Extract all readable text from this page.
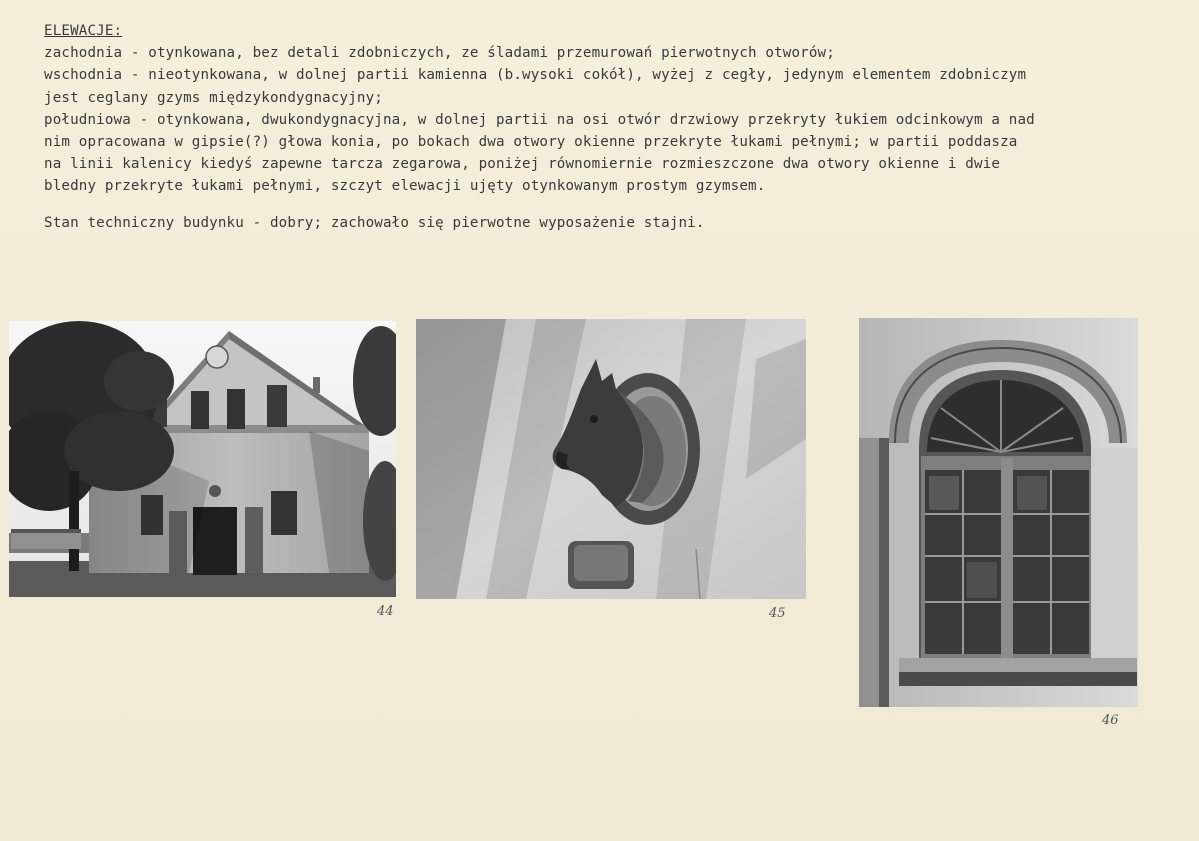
ELEWACJE:
zachodnia - otynkowana, bez detali zdobniczych, ze śladami przemurowań pierwotnych otworów;
wschodnia - nieotynkowana, w dolnej partii kamienna (b.wysoki cokół), wyżej z cegły, jedynym elementem zdobniczym
jest ceglany gzyms międzykondygnacyjny;
południowa - otynkowana, dwukondygnacyjna, w dolnej partii na osi otwór drzwiowy przekryty łukiem odcinkowym a nad
nim opracowana w gipsie(?) głowa konia, po bokach dwa otwory okienne przekryte łukami pełnymi; w partii poddasza
na linii kalenicy kiedyś zapewne tarcza zegarowa, poniżej równomiernie rozmieszczone dwa otwory okienne i dwie
bledny przekryte łukami pełnymi, szczyt elewacji ujęty otynkowanym prostym gzymsem.
Stan techniczny budynku - dobry; zachowało się pierwotne wyposażenie stajni.
44	45
46
